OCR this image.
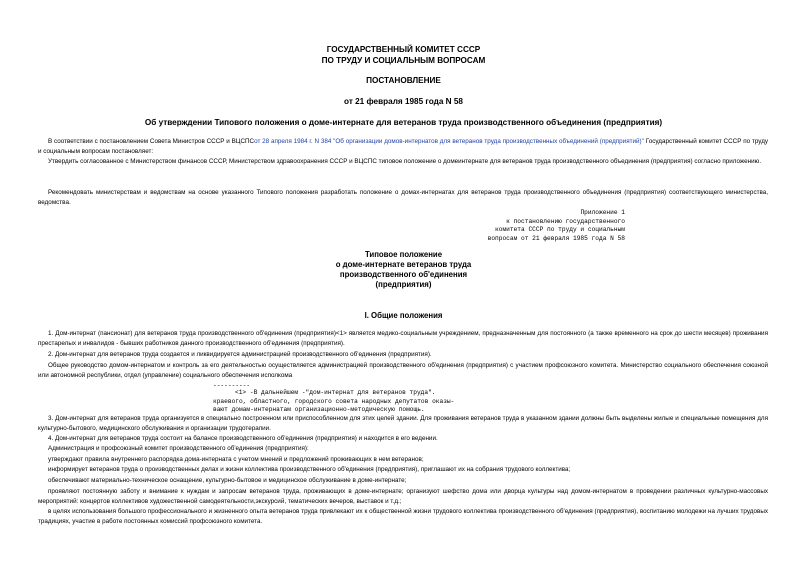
ГОСУДАРСТВЕННЫЙ КОМИТЕТ СССР
ПО ТРУДУ И СОЦИАЛЬНЫМ ВОПРОСАМ
ПОСТАНОВЛЕНИЕ
от 21 февраля 1985 года N 58
Об утверждении Типового положения о доме-интернате для ветеранов труда производственного объединения (предприятия)
В соответствии с постановлением Совета Министров СССР и ВЦСПСот 28 апреля 1984 г. N 384 "Об организации домов-интернатов для ветеранов труда производственных объединений (предприятий)" Государственный комитет СССР по труду и социальным вопросам постановляет:
Утвердить согласованное с Министерством финансов СССР, Министерством здравоохранения СССР и ВЦСПС типовое положение о домеинтернате для ветеранов труда производственного объединения (предприятия) согласно приложению.
Рекомендовать министерствам и ведомствам на основе указанного Типового положения разработать положение о домах-интернатах для ветеранов труда производственного объединения (предприятия) соответствующего министерства, ведомства.
Приложение 1
к постановлению государственного
комитета СССР по труду и социальным
вопросам от 21 февраля 1985 года N 58
Типовое положение
о доме-интернате ветеранов труда
производственного об'единения
(предприятия)
I. Общие положения
1. Дом-интернат (пансионат) для ветеранов труда производственного об'единения (предприятия)<1> является медико-социальным учреждением, предназначенным для постоянного (а также временного на срок до шести месяцев) проживания престарелых и инвалидов - бывших работников данного производственного об'единения (предприятия).
2. Дом-интернат для ветеранов труда создается и ликвидируется администрацией производственного об'единения (предприятия).
Общее руководство домом-интернатом и контроль за его деятельностью осуществляется администрацией производственного об'единения (предприятия) с участием профсоюзного комитета. Министерство социального обеспечения союзной или автономной республики, отдел (управление) социального обеспечения исполкома
----------
<1> -В дальнейшем -"дом-интернат для ветеранов труда".
краевого, областного, городского совета народных депутатов оказы-
вают домам-интернатам организационно-методическую помощь.
3. Дом-интернат для ветеранов труда организуется в специально построенном или приспособленном для этих целей здании. Для проживания ветеранов труда в указанном здании должны быть выделены жилые и специальные помещения для культурно-бытового, медицинского обслуживания и организации трудотерапии.
4. Дом-интернат для ветеранов труда состоит на балансе производственного об'единения (предприятия) и находится в его ведении.
Администрация и профсоюзный комитет производственного об'единения (предприятия):
утверждают правила внутреннего распорядка дома-интерната с учетом мнений и предложений проживающих в нем ветеранов;
информирует ветеранов труда о производственных делах и жизни коллектива производственного об'единения (предприятия), приглашают их на собрания трудового коллектива;
обеспечивают материально-техническое оснащение, культурно-бытовое и медицинское обслуживание в доме-интернате;
проявляют постоянную заботу и внимание к нуждам и запросам ветеранов труда, проживающих в доме-интернате; организуют шефство дома или дворца культуры над домом-интернатом в проведении различных культурно-массовых мероприятий: концертов коллективов художественной самодеятельности,экскурсий, тематических вечеров, выставок и т.д.;
в целях использования большого профессионального и жизненного опыта ветеранов труда привлекают их к общественной жизни трудового коллектива производственного об'единения (предприятия), воспитанию молодежи на лучших трудовых традициях, участие в работе постоянных комиссий профсоюзного комитета.
